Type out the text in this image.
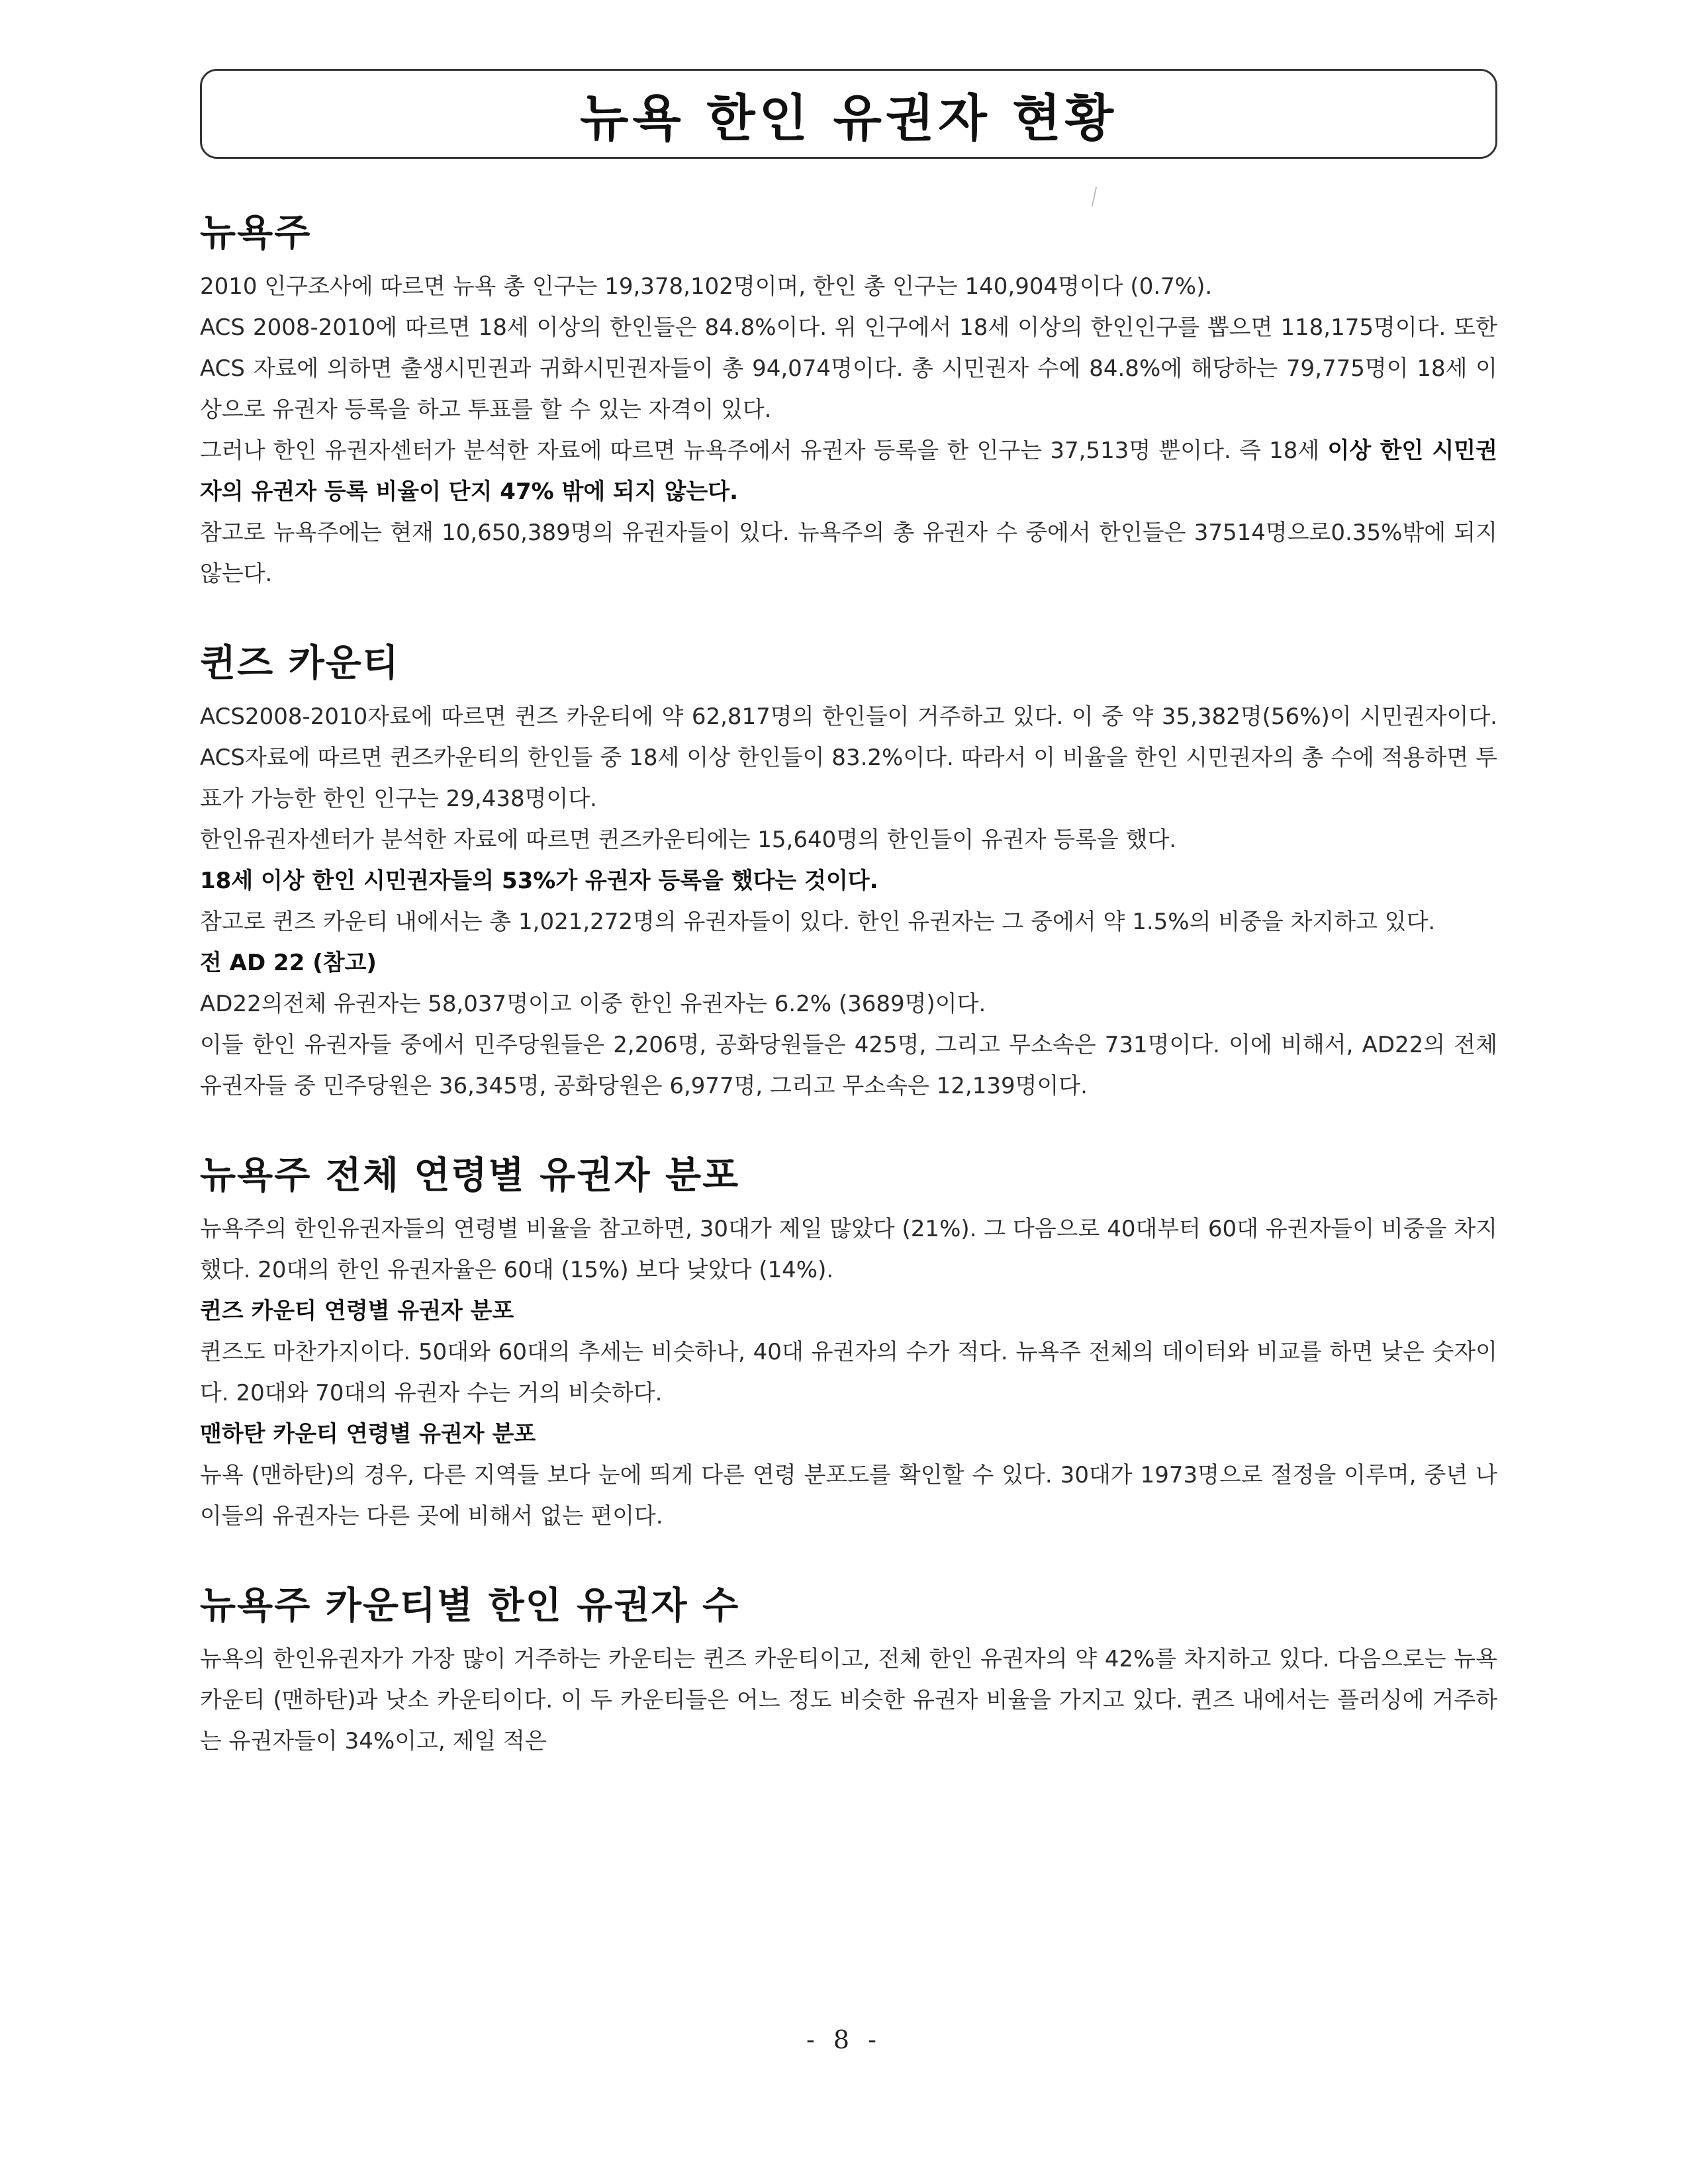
뉴욕 한인 유권자 현황
뉴욕주

2010 인구조사에 따르면 뉴욕 총 인구는 19,378,102명이며, 한인 총 인구는 140,904명이다 (0.7%).

ACS 2008-2010에 따르면 18세 이상의 한인들은 84.8%이다. 위 인구에서 18세 이상의 한인인구를 뽑으면 118,175명이다. 또한 ACS 자료에 의하면 출생시민권과 귀화시민권자들이 총 94,074명이다. 총 시민권자 수에 84.8%에 해당하는 79,775명이 18세 이상으로 유권자 등록을 하고 투표를 할 수 있는 자격이 있다.

그러나 한인 유권자센터가 분석한 자료에 따르면 뉴욕주에서 유권자 등록을 한 인구는 37,513명 뿐이다. 즉 18세 이상 한인 시민권자의 유권자 등록 비율이 단지 47% 밖에 되지 않는다.

참고로 뉴욕주에는 현재 10,650,389명의 유권자들이 있다. 뉴욕주의 총 유권자 수 중에서 한인들은 37514명으로0.35%밖에 되지 않는다.

퀸즈 카운티

ACS2008-2010자료에 따르면 퀸즈 카운티에 약 62,817명의 한인들이 거주하고 있다. 이 중 약 35,382명(56%)이 시민권자이다. ACS자료에 따르면 퀸즈카운티의 한인들 중 18세 이상 한인들이 83.2%이다. 따라서 이 비율을 한인 시민권자의 총 수에 적용하면 투표가 가능한 한인 인구는 29,438명이다.

한인유권자센터가 분석한 자료에 따르면 퀸즈카운티에는 15,640명의 한인들이 유권자 등록을 했다.

18세 이상 한인 시민권자들의 53%가 유권자 등록을 했다는 것이다.

참고로 퀸즈 카운티 내에서는 총 1,021,272명의 유권자들이 있다. 한인 유권자는 그 중에서 약 1.5%의 비중을 차지하고 있다.

전 AD 22 (참고)

AD22의전체 유권자는 58,037명이고 이중 한인 유권자는 6.2% (3689명)이다.

이들 한인 유권자들 중에서 민주당원들은 2,206명, 공화당원들은 425명, 그리고 무소속은 731명이다. 이에 비해서, AD22의 전체 유권자들 중 민주당원은 36,345명, 공화당원은 6,977명, 그리고 무소속은 12,139명이다.

뉴욕주 전체 연령별 유권자 분포

뉴욕주의 한인유권자들의 연령별 비율을 참고하면, 30대가 제일 많았다 (21%). 그 다음으로 40대부터 60대 유권자들이 비중을 차지했다. 20대의 한인 유권자율은 60대 (15%) 보다 낮았다 (14%).

퀸즈 카운티 연령별 유권자 분포

퀸즈도 마찬가지이다. 50대와 60대의 추세는 비슷하나, 40대 유권자의 수가 적다. 뉴욕주 전체의 데이터와 비교를 하면 낮은 숫자이다. 20대와 70대의 유권자 수는 거의 비슷하다.

맨하탄 카운티 연령별 유권자 분포

뉴욕 (맨하탄)의 경우, 다른 지역들 보다 눈에 띄게 다른 연령 분포도를 확인할 수 있다. 30대가 1973명으로 절정을 이루며, 중년 나이들의 유권자는 다른 곳에 비해서 없는 편이다.

뉴욕주 카운티별 한인 유권자 수

뉴욕의 한인유권자가 가장 많이 거주하는 카운티는 퀸즈 카운티이고, 전체 한인 유권자의 약 42%를 차지하고 있다. 다음으로는 뉴욕 카운티 (맨하탄)과 낫소 카운티이다. 이 두 카운티들은 어느 정도 비슷한 유권자 비율을 가지고 있다. 퀸즈 내에서는 플러싱에 거주하는 유권자들이 34%이고, 제일 적은

- 8 -
